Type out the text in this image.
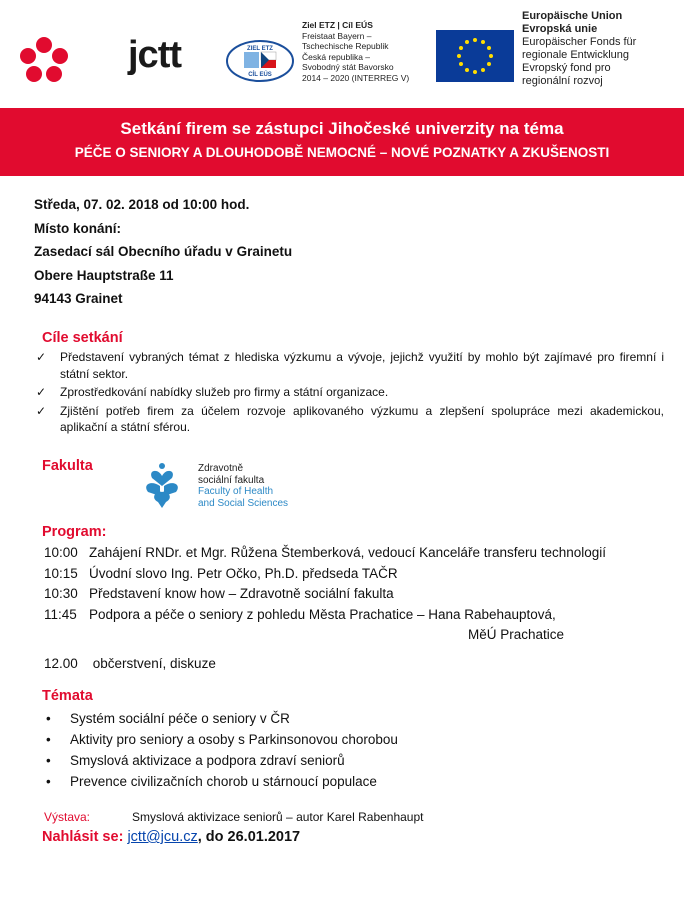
jctt	ZIEL ETZ
CÍL EÚS
Ziel ETZ | Cíl EÚS
Freistaat Bayern –
Tschechische Republik
Česká republika –
Svobodný stát Bavorsko
2014 – 2020 (INTERREG V)
Europäische Union
Evropská unie
Europäischer Fonds für
regionale Entwicklung
Evropský fond pro
regionální rozvoj
Setkání firem se zástupci Jihočeské univerzity na téma
PÉČE O SENIORY A DLOUHODOBĚ NEMOCNÉ – NOVÉ POZNATKY A ZKUŠENOSTI
Středa, 07. 02. 2018 od 10:00 hod.
Místo konání:
Zasedací sál Obecního úřadu v Grainetu
Obere Hauptstraße 11
94143 Grainet
Cíle setkání
✓ Představení vybraných témat z hlediska výzkumu a vývoje, jejichž využití by mohlo být zajímavé pro firemní i státní sektor.
✓ Zprostředkování nabídky služeb pro firmy a státní organizace.
✓ Zjištění potřeb firem za účelem rozvoje aplikovaného výzkumu a zlepšení spolupráce mezi akademickou, aplikační a státní sférou.
Fakulta	Zdravotně
sociální fakulta
Faculty of Health
and Social Sciences
Program:
10:00 Zahájení RNDr. et Mgr. Růžena Štemberková, vedoucí Kanceláře transferu technologií
10:15 Úvodní slovo Ing. Petr Očko, Ph.D. předseda TAČR
10:30 Představení know how – Zdravotně sociální fakulta
11:45 Podpora a péče o seniory z pohledu Města Prachatice – Hana Rabehauptová,
MěÚ Prachatice
12.00 občerstvení, diskuze
Témata
• Systém sociální péče o seniory v ČR
• Aktivity pro seniory a osoby s Parkinsonovou chorobou
• Smyslová aktivizace a podpora zdraví seniorů
• Prevence civilizačních chorob u stárnoucí populace
Výstava:	Smyslová aktivizace seniorů – autor Karel Rabenhaupt
Nahlásit se: jctt@jcu.cz, do 26.01.2017
